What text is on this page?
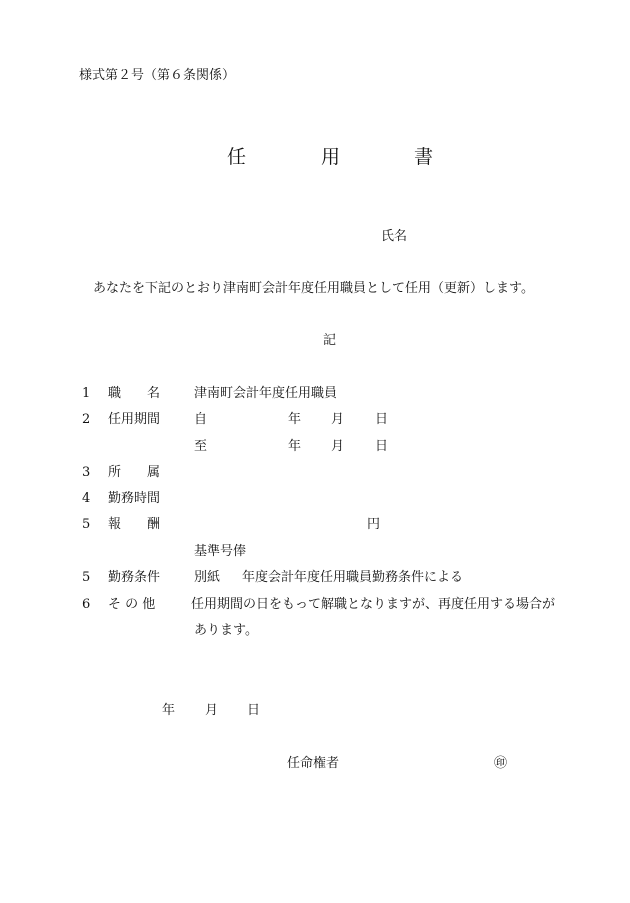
様式第２号（第６条関係）
任	用	書
氏名
あなたを下記のとおり津南町会計年度任用職員として任用（更新）します。
記
1 職　　名	津南町会計年度任用職員
2 任用期間	自	年 月 日
至	年 月 日
3 所　　属
4 勤務時間
5 報　　酬	円
基準号俸
5 勤務条件	別紙 年度会計年度任用職員勤務条件による
6 そ の 他	任用期間の日をもって解職となりますが、再度任用する場合が
あります。
年 月 日
任命権者	㊞
